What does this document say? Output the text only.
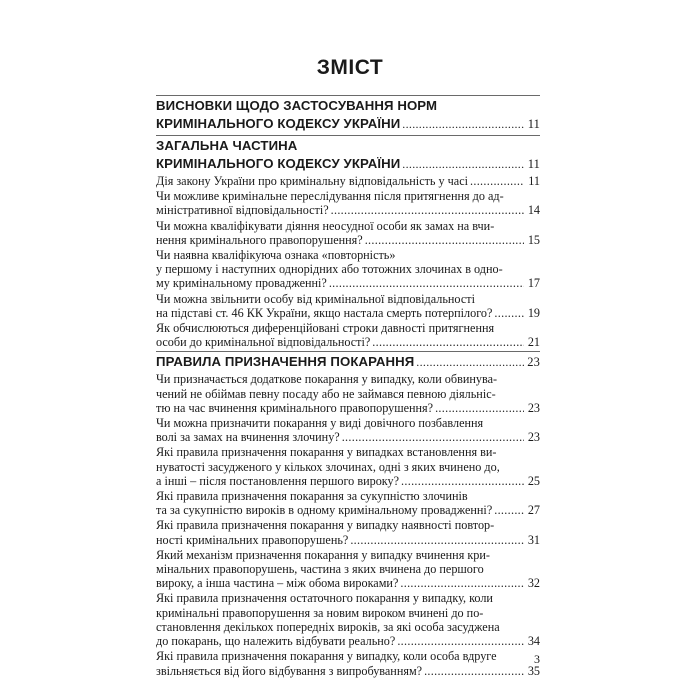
ЗМІСТ
ВИСНОВКИ ЩОДО ЗАСТОСУВАННЯ НОРМ
КРИМІНАЛЬНОГО КОДЕКСУ УКРАЇНИ .....	11
ЗАГАЛЬНА ЧАСТИНА
КРИМІНАЛЬНОГО КОДЕКСУ УКРАЇНИ .....	11
Дія закону України про кримінальну відповідальність у часі .....	11
Чи можливе кримінальне переслідування після притягнення до ад-
міністративної відповідальності? .....	14
Чи можна кваліфікувати діяння неосудної особи як замах на вчи-
нення кримінального правопорушення? .....	15
Чи наявна кваліфікуюча ознака «повторність»
у першому і наступних однорідних або тотожних злочинах в одно-
му кримінальному провадженні? .....	17
Чи можна звільнити особу від кримінальної відповідальності
на підставі ст. 46 КК України, якщо настала смерть потерпілого? .....	19
Як обчислюються диференційовані строки давності притягнення
особи до кримінальної відповідальності? .....	21
ПРАВИЛА ПРИЗНАЧЕННЯ ПОКАРАННЯ .....	23
Чи призначається додаткове покарання у випадку, коли обвинува-
чений не обіймав певну посаду або не займався певною діяльніс-
тю на час вчинення кримінального правопорушення? .....	23
Чи можна призначити покарання у виді довічного позбавлення
волі за замах на вчинення злочину? .....	23
Які правила призначення покарання у випадках встановлення ви-
нуватості засудженого у кількох злочинах, одні з яких вчинено до,
а інші – після постановлення першого вироку? .....	25
Які правила призначення покарання за сукупністю злочинів
та за сукупністю вироків в одному кримінальному провадженні? .....	27
Які правила призначення покарання у випадку наявності повтор-
ності кримінальних правопорушень? .....	31
Який механізм призначення покарання у випадку вчинення кри-
мінальних правопорушень, частина з яких вчинена до першого
вироку, а інша частина – між обома вироками? .....	32
Які правила призначення остаточного покарання у випадку, коли
кримінальні правопорушення за новим вироком вчинені до по-
становлення декількох попередніх вироків, за які особа засуджена
до покарань, що належить відбувати реально? .....	34
Які правила призначення покарання у випадку, коли особа вдруге
звільняється від його відбування з випробуванням? .....	35
3
